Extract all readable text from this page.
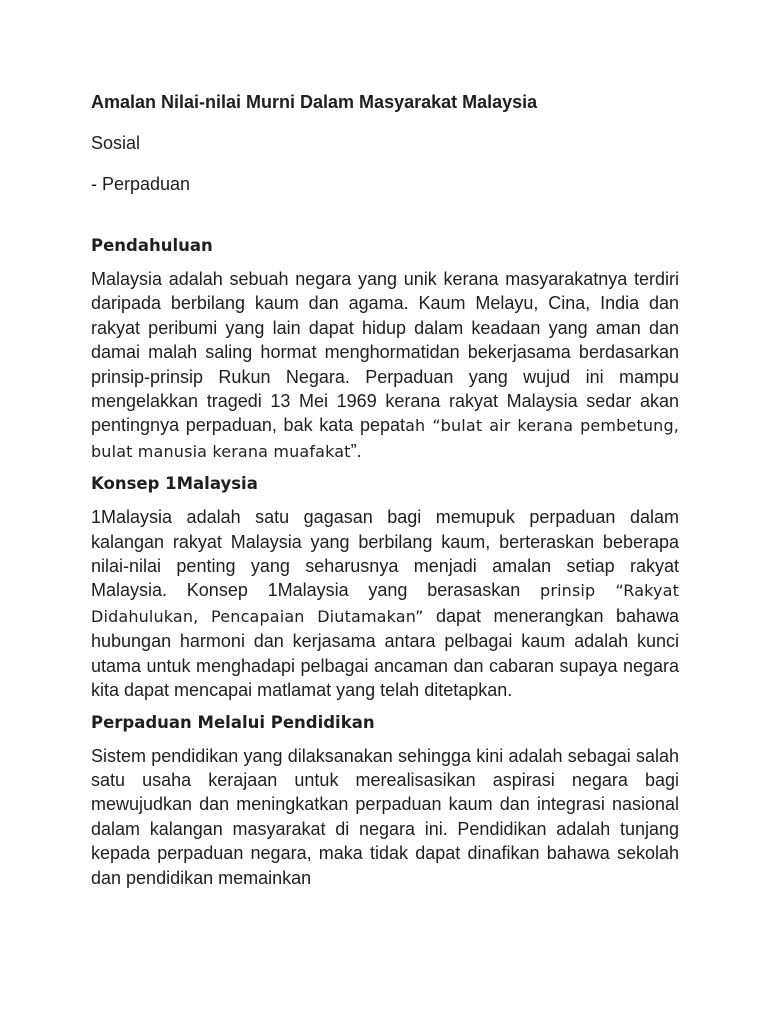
Amalan Nilai-nilai Murni Dalam Masyarakat Malaysia
Sosial
- Perpaduan
Pendahuluan

Malaysia adalah sebuah negara yang unik kerana masyarakatnya terdiri daripada berbilang kaum dan agama. Kaum Melayu, Cina, India dan rakyat peribumi yang lain dapat hidup dalam keadaan yang aman dan damai malah saling hormat menghormatidan bekerjasama berdasarkan prinsip-prinsip Rukun Negara. Perpaduan yang wujud ini mampu mengelakkan tragedi 13 Mei 1969 kerana rakyat Malaysia sedar akan pentingnya perpaduan, bak kata pepatah “bulat air kerana pembetung, bulat manusia kerana muafakat”.

Konsep 1Malaysia

1Malaysia adalah satu gagasan bagi memupuk perpaduan dalam kalangan rakyat Malaysia yang berbilang kaum, berteraskan beberapa nilai-nilai penting yang seharusnya menjadi amalan setiap rakyat Malaysia. Konsep 1Malaysia yang berasaskan prinsip “Rakyat Didahulukan, Pencapaian Diutamakan” dapat menerangkan bahawa hubungan harmoni dan kerjasama antara pelbagai kaum adalah kunci utama untuk menghadapi pelbagai ancaman dan cabaran supaya negara kita dapat mencapai matlamat yang telah ditetapkan.

Perpaduan Melalui Pendidikan

Sistem pendidikan yang dilaksanakan sehingga kini adalah sebagai salah satu usaha kerajaan untuk merealisasikan aspirasi negara bagi mewujudkan dan meningkatkan perpaduan kaum dan integrasi nasional dalam kalangan masyarakat di negara ini. Pendidikan adalah tunjang kepada perpaduan negara, maka tidak dapat dinafikan bahawa sekolah dan pendidikan memainkan
